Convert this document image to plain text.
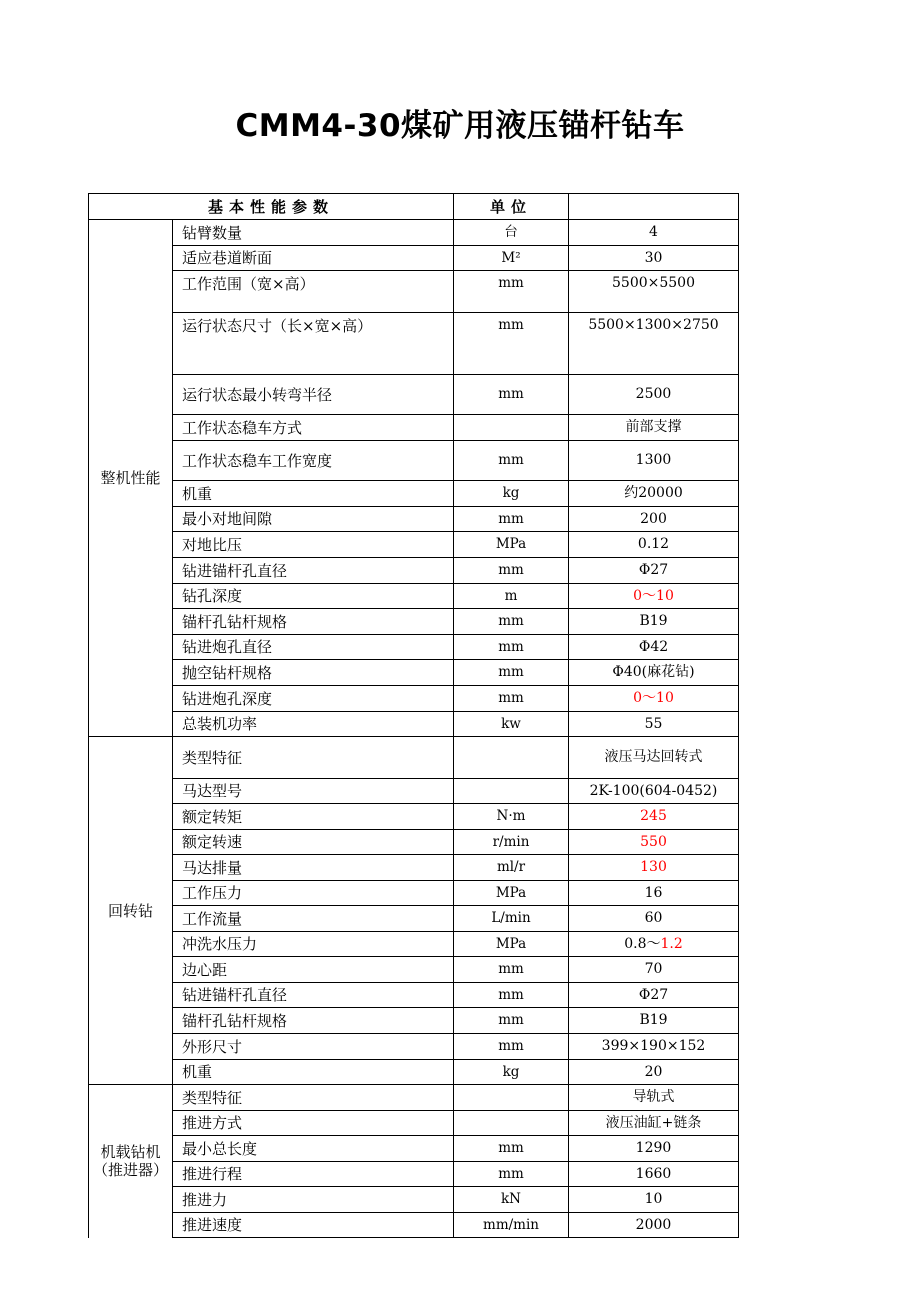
CMM4-30煤矿用液压锚杆钻车
基本性能参数		单位	
整机性能	钻臂数量	台	4
	适应巷道断面	M²	30
	工作范围（宽×高）	mm	5500×5500
	运行状态尺寸（长×宽×高）	mm	5500×1300×2750
	运行状态最小转弯半径	mm	2500
	工作状态稳车方式		前部支撑
	工作状态稳车工作宽度	mm	1300
	机重	kg	约20000
	最小对地间隙	mm	200
	对地比压	MPa	0.12
	钻进锚杆孔直径	mm	Φ27
	钻孔深度	m	0～10
	锚杆孔钻杆规格	mm	B19
	钻进炮孔直径	mm	Φ42
	抛空钻杆规格	mm	Φ40(麻花钻)
	钻进炮孔深度	mm	0～10
	总装机功率	kw	55
回转钻	类型特征		液压马达回转式
	马达型号		2K-100(604-0452)
	额定转矩	N·m	245
	额定转速	r/min	550
	马达排量	ml/r	130
	工作压力	MPa	16
	工作流量	L/min	60
	冲洗水压力	MPa	0.8～1.2
	边心距	mm	70
	钻进锚杆孔直径	mm	Φ27
	锚杆孔钻杆规格	mm	B19
	外形尺寸	mm	399×190×152
	机重	kg	20

机载钻机
（推进器）	类型特征		导轨式
	推进方式		液压油缸+链条
	最小总长度	mm	1290
	推进行程	mm	1660
	推进力	kN	10
	推进速度	mm/min	2000
